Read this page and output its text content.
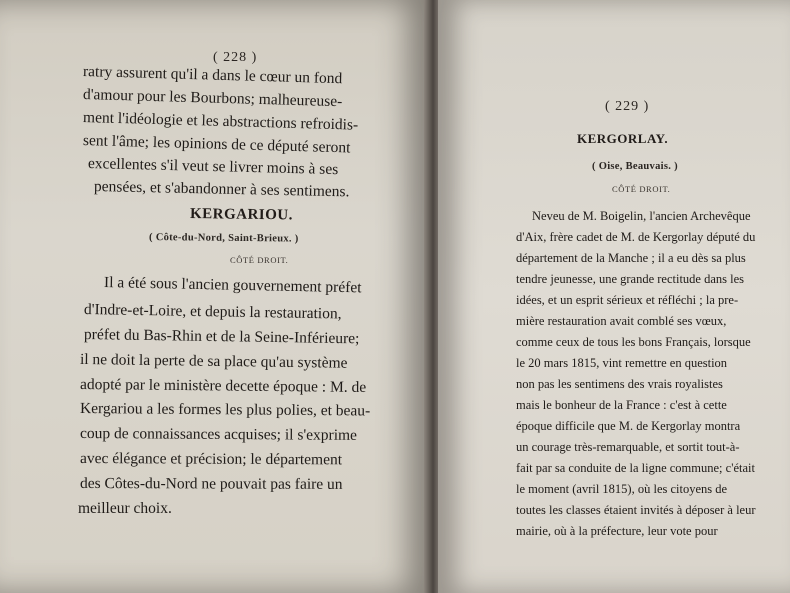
( 228 )
ratry assurent qu'il a dans le cœur un fond
d'amour pour les Bourbons; malheureuse-
ment l'idéologie et les abstractions refroidis-
sent l'âme; les opinions de ce député seront
excellentes s'il veut se livrer moins à ses
pensées, et s'abandonner à ses sentimens.
KERGARIOU.
( Côte-du-Nord, Saint-Brieux. )
CÔTÉ DROIT.
Il a été sous l'ancien gouvernement préfet
d'Indre-et-Loire, et depuis la restauration,
préfet du Bas-Rhin et de la Seine-Inférieure;
il ne doit la perte de sa place qu'au système
adopté par le ministère decette époque : M. de
Kergariou a les formes les plus polies, et beau-
coup de connaissances acquises; il s'exprime
avec élégance et précision; le département
des Côtes-du-Nord ne pouvait pas faire un
meilleur choix.
( 229 )
KERGORLAY.
( Oise, Beauvais. )
CÔTÉ DROIT.
Neveu de M. Boigelin, l'ancien Archevêque
d'Aix, frère cadet de M. de Kergorlay député du
département de la Manche ; il a eu dès sa plus
tendre jeunesse, une grande rectitude dans les
idées, et un esprit sérieux et réfléchi ; la pre-
mière restauration avait comblé ses vœux,
comme ceux de tous les bons Français, lorsque
le 20 mars 1815, vint remettre en question
non pas les sentimens des vrais royalistes
mais le bonheur de la France : c'est à cette
époque difficile que M. de Kergorlay montra
un courage très-remarquable, et sortit tout-à-
fait par sa conduite de la ligne commune; c'était
le moment (avril 1815), où les citoyens de
toutes les classes étaient invités à déposer à leur
mairie, où à la préfecture, leur vote pour
